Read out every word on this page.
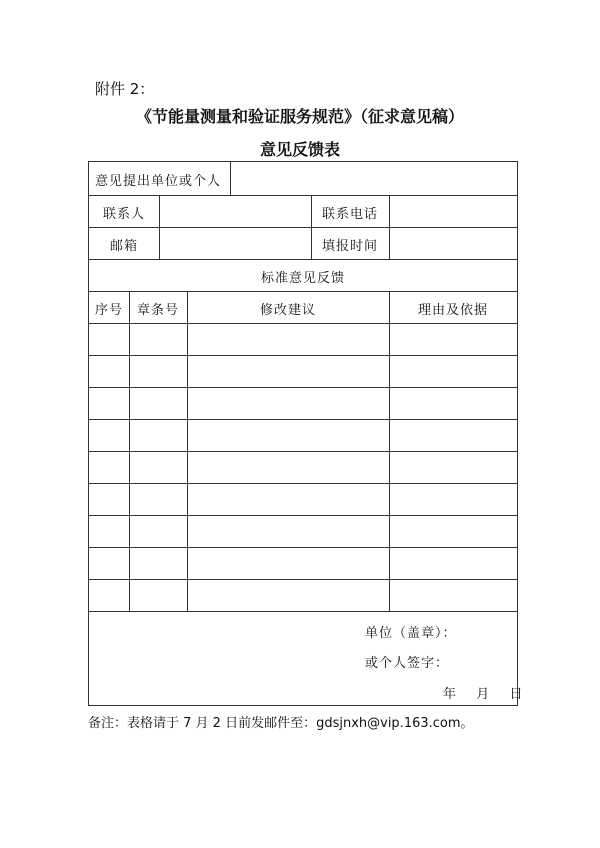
附件 2：
《节能量测量和验证服务规范》（征求意见稿）
意见反馈表
意见提出单位或个人
联系人	联系电话
邮箱	填报时间
标准意见反馈
序号	章条号	修改建议	理由及依据
单位（盖章）：
或个人签字：
年  月  日
备注：表格请于 7 月 2 日前发邮件至：gdsjnxh@vip.163.com。
